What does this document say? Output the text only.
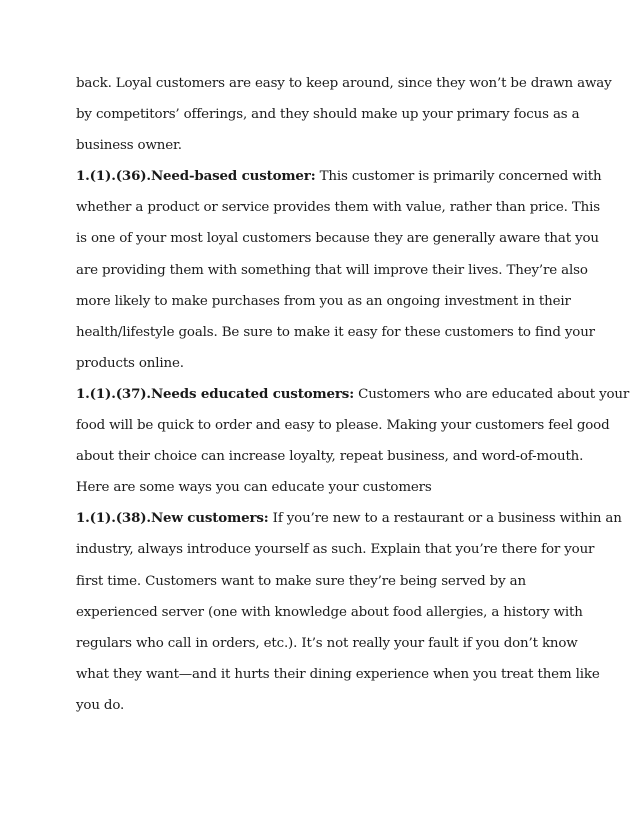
back. Loyal customers are easy to keep around, since they won’t be drawn away
by competitors’ offerings, and they should make up your primary focus as a
business owner.
1.(1).(36).Need-based customer: This customer is primarily concerned with
whether a product or service provides them with value, rather than price. This
is one of your most loyal customers because they are generally aware that you
are providing them with something that will improve their lives. They’re also
more likely to make purchases from you as an ongoing investment in their
health/lifestyle goals. Be sure to make it easy for these customers to find your
products online.
1.(1).(37).Needs educated customers: Customers who are educated about your
food will be quick to order and easy to please. Making your customers feel good
about their choice can increase loyalty, repeat business, and word-of-mouth.
Here are some ways you can educate your customers
1.(1).(38).New customers: If you’re new to a restaurant or a business within an
industry, always introduce yourself as such. Explain that you’re there for your
first time. Customers want to make sure they’re being served by an
experienced server (one with knowledge about food allergies, a history with
regulars who call in orders, etc.). It’s not really your fault if you don’t know
what they want—and it hurts their dining experience when you treat them like
you do.
